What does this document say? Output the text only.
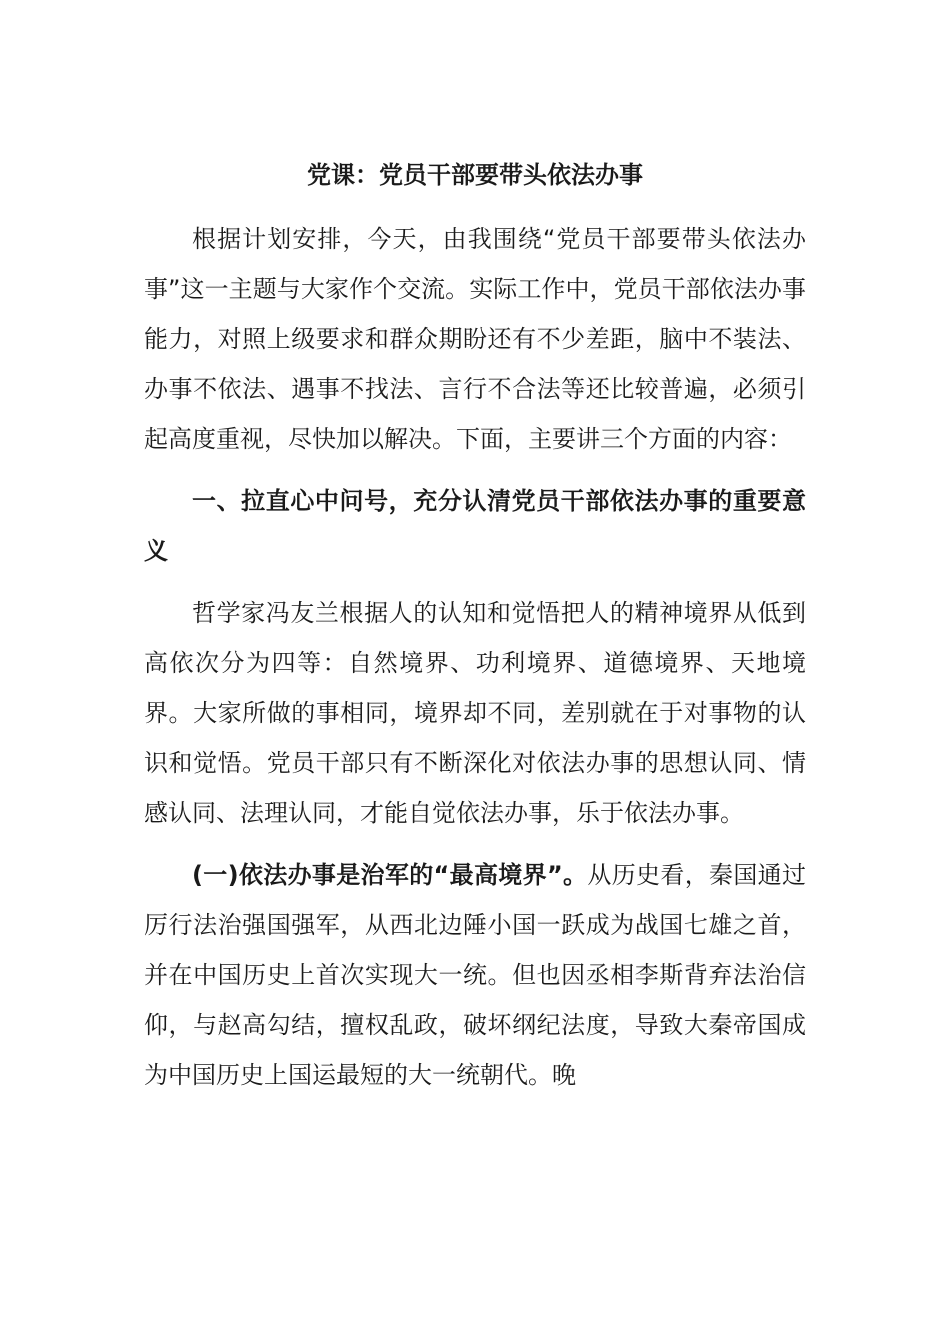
党课：党员干部要带头依法办事

根据计划安排，今天，由我围绕“党员干部要带头依法办事”这一主题与大家作个交流。实际工作中，党员干部依法办事能力，对照上级要求和群众期盼还有不少差距，脑中不装法、办事不依法、遇事不找法、言行不合法等还比较普遍，必须引起高度重视，尽快加以解决。下面，主要讲三个方面的内容：

一、拉直心中问号，充分认清党员干部依法办事的重要意义

哲学家冯友兰根据人的认知和觉悟把人的精神境界从低到高依次分为四等：自然境界、功利境界、道德境界、天地境界。大家所做的事相同，境界却不同，差别就在于对事物的认识和觉悟。党员干部只有不断深化对依法办事的思想认同、情感认同、法理认同，才能自觉依法办事，乐于依法办事。

(一)依法办事是治军的“最高境界”。从历史看，秦国通过厉行法治强国强军，从西北边陲小国一跃成为战国七雄之首，并在中国历史上首次实现大一统。但也因丞相李斯背弃法治信仰，与赵高勾结，擅权乱政，破坏纲纪法度，导致大秦帝国成为中国历史上国运最短的大一统朝代。晚
